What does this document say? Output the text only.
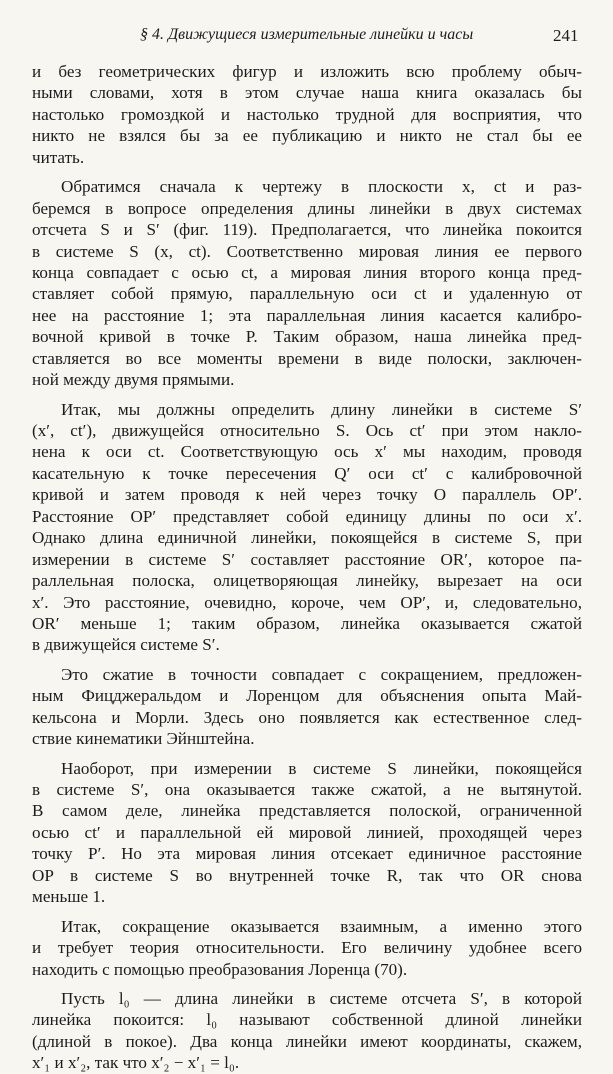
§ 4. Движущиеся измерительные линейки и часы	241
и без геометрических фигур и изложить всю проблему обыч-
ными словами, хотя в этом случае наша книга оказалась бы
настолько громоздкой и настолько трудной для восприятия, что
никто не взялся бы за ее публикацию и никто не стал бы ее
читать.
Обратимся сначала к чертежу в плоскости x, ct и раз-
беремся в вопросе определения длины линейки в двух системах
отсчета S и S′ (фиг. 119). Предполагается, что линейка покоится
в системе S (x, ct). Соответственно мировая линия ее первого
конца совпадает с осью ct, а мировая линия второго конца пред-
ставляет собой прямую, параллельную оси ct и удаленную от
нее на расстояние 1; эта параллельная линия касается калибро-
вочной кривой в точке P. Таким образом, наша линейка пред-
ставляется во все моменты времени в виде полоски, заключен-
ной между двумя прямыми.
Итак, мы должны определить длину линейки в системе S′
(x′, ct′), движущейся относительно S. Ось ct′ при этом накло-
нена к оси ct. Соответствующую ось x′ мы находим, проводя
касательную к точке пересечения Q′ оси ct′ с калибровочной
кривой и затем проводя к ней через точку O параллель OP′.
Расстояние OP′ представляет собой единицу длины по оси x′.
Однако длина единичной линейки, покоящейся в системе S, при
измерении в системе S′ составляет расстояние OR′, которое па-
раллельная полоска, олицетворяющая линейку, вырезает на оси
x′. Это расстояние, очевидно, короче, чем OP′, и, следовательно,
OR′ меньше 1; таким образом, линейка оказывается сжатой
в движущейся системе S′.
Это сжатие в точности совпадает с сокращением, предложен-
ным Фицджеральдом и Лоренцом для объяснения опыта Май-
кельсона и Морли. Здесь оно появляется как естественное след-
ствие кинематики Эйнштейна.
Наоборот, при измерении в системе S линейки, покоящейся
в системе S′, она оказывается также сжатой, а не вытянутой.
В самом деле, линейка представляется полоской, ограниченной
осью ct′ и параллельной ей мировой линией, проходящей через
точку P′. Но эта мировая линия отсекает единичное расстояние
OP в системе S во внутренней точке R, так что OR снова
меньше 1.
Итак, сокращение оказывается взаимным, а именно этого
и требует теория относительности. Его величину удобнее всего
находить с помощью преобразования Лоренца (70).
Пусть l₀ — длина линейки в системе отсчета S′, в которой
линейка покоится: l₀ называют собственной длиной линейки
(длиной в покое). Два конца линейки имеют координаты, скажем,
x′₁ и x′₂, так что x′₂ − x′₁ = l₀.
